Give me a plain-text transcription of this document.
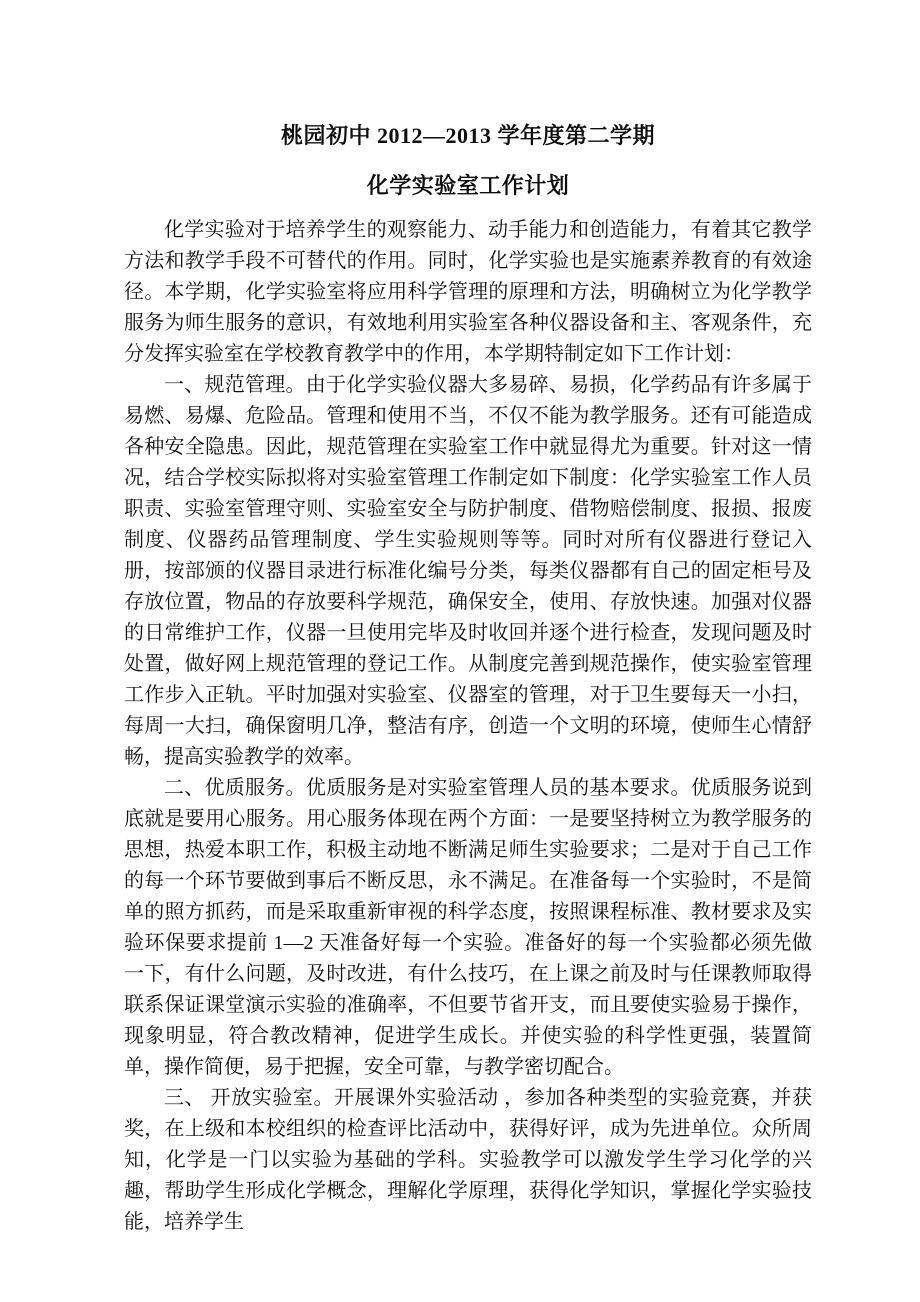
桃园初中 2012—2013 学年度第二学期
化学实验室工作计划

化学实验对于培养学生的观察能力、动手能力和创造能力，有着其它教学方法和教学手段不可替代的作用。同时，化学实验也是实施素养教育的有效途径。本学期，化学实验室将应用科学管理的原理和方法，明确树立为化学教学服务为师生服务的意识，有效地利用实验室各种仪器设备和主、客观条件，充分发挥实验室在学校教育教学中的作用，本学期特制定如下工作计划：

一、规范管理。由于化学实验仪器大多易碎、易损，化学药品有许多属于易燃、易爆、危险品。管理和使用不当，不仅不能为教学服务。还有可能造成各种安全隐患。因此，规范管理在实验室工作中就显得尤为重要。针对这一情况，结合学校实际拟将对实验室管理工作制定如下制度：化学实验室工作人员职责、实验室管理守则、实验室安全与防护制度、借物赔偿制度、报损、报废制度、仪器药品管理制度、学生实验规则等等。同时对所有仪器进行登记入册，按部颁的仪器目录进行标准化编号分类，每类仪器都有自己的固定柜号及存放位置，物品的存放要科学规范，确保安全，使用、存放快速。加强对仪器的日常维护工作，仪器一旦使用完毕及时收回并逐个进行检查，发现问题及时处置，做好网上规范管理的登记工作。从制度完善到规范操作，使实验室管理工作步入正轨。平时加强对实验室、仪器室的管理，对于卫生要每天一小扫，每周一大扫，确保窗明几净，整洁有序，创造一个文明的环境，使师生心情舒畅，提高实验教学的效率。

二、优质服务。优质服务是对实验室管理人员的基本要求。优质服务说到底就是要用心服务。用心服务体现在两个方面：一是要坚持树立为教学服务的思想，热爱本职工作，积极主动地不断满足师生实验要求；二是对于自己工作的每一个环节要做到事后不断反思，永不满足。在准备每一个实验时，不是简单的照方抓药，而是采取重新审视的科学态度，按照课程标准、教材要求及实验环保要求提前 1—2 天准备好每一个实验。准备好的每一个实验都必须先做一下，有什么问题，及时改进，有什么技巧，在上课之前及时与任课教师取得联系保证课堂演示实验的准确率，不但要节省开支，而且要使实验易于操作，现象明显，符合教改精神，促进学生成长。并使实验的科学性更强，装置简单，操作简便，易于把握，安全可靠，与教学密切配合。

三、 开放实验室。开展课外实验活动 ，参加各种类型的实验竞赛，并获奖，在上级和本校组织的检查评比活动中，获得好评，成为先进单位。众所周知，化学是一门以实验为基础的学科。实验教学可以激发学生学习化学的兴趣，帮助学生形成化学概念，理解化学原理，获得化学知识，掌握化学实验技能，培养学生
